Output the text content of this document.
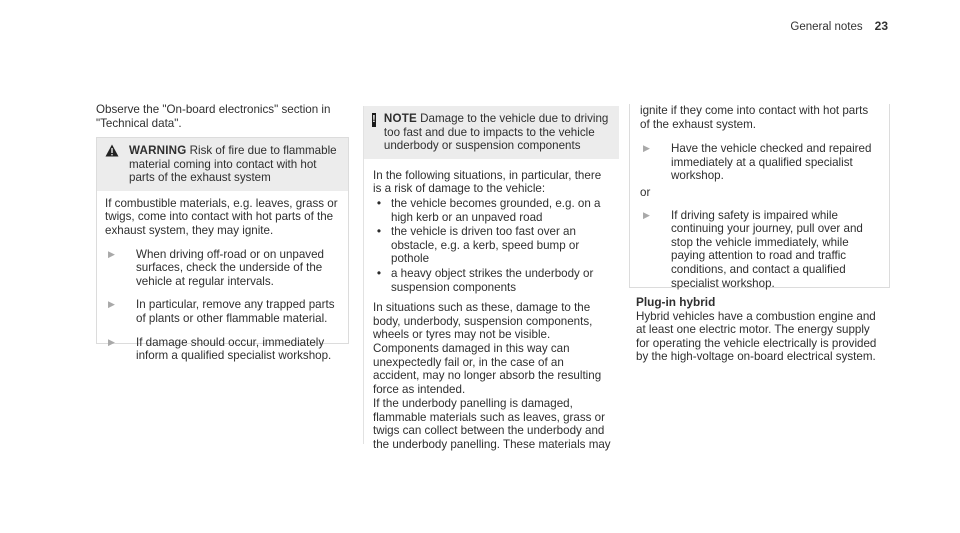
General notes 23

Observe the "On-board electronics" section in "Technical data".

WARNING Risk of fire due to flammable material coming into contact with hot parts of the exhaust system

If combustible materials, e.g. leaves, grass or twigs, come into contact with hot parts of the exhaust system, they may ignite.

▶	When driving off-road or on unpaved surfaces, check the underside of the vehicle at regular intervals.
▶	In particular, remove any trapped parts of plants or other flammable material.
▶	If damage should occur, immediately inform a qualified specialist workshop.
! NOTE Damage to the vehicle due to driving too fast and due to impacts to the vehicle underbody or suspension components

In the following situations, in particular, there is a risk of damage to the vehicle:

• the vehicle becomes grounded, e.g. on a high kerb or an unpaved road
• the vehicle is driven too fast over an obstacle, e.g. a kerb, speed bump or pothole
• a heavy object strikes the underbody or suspension components

In situations such as these, damage to the body, underbody, suspension components, wheels or tyres may not be visible. Components damaged in this way can unexpectedly fail or, in the case of an accident, may no longer absorb the resulting force as intended.

If the underbody panelling is damaged, flammable materials such as leaves, grass or twigs can collect between the underbody and the underbody panelling. These materials may

ignite if they come into contact with hot parts of the exhaust system.

▶	Have the vehicle checked and repaired immediately at a qualified specialist workshop.

or

▶	If driving safety is impaired while continuing your journey, pull over and stop the vehicle immediately, while paying attention to road and traffic conditions, and contact a qualified specialist workshop.

Plug-in hybrid

Hybrid vehicles have a combustion engine and at least one electric motor. The energy supply for operating the vehicle electrically is provided by the high-voltage on-board electrical system.
